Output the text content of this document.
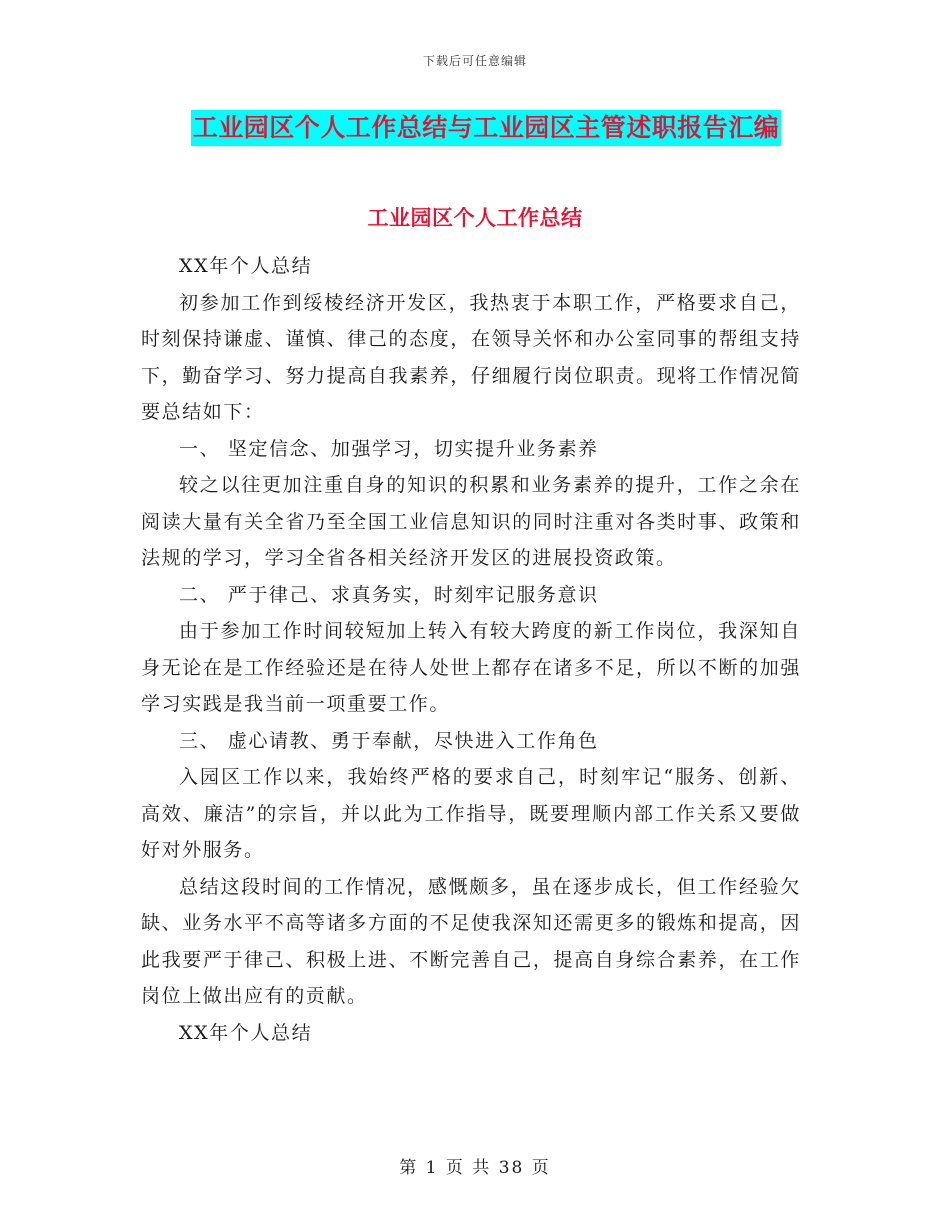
下载后可任意编辑
工业园区个人工作总结与工业园区主管述职报告汇编
工业园区个人工作总结

XX年个人总结

初参加工作到绥棱经济开发区，我热衷于本职工作，严格要求自己，时刻保持谦虚、谨慎、律己的态度，在领导关怀和办公室同事的帮组支持下，勤奋学习、努力提高自我素养，仔细履行岗位职责。现将工作情况简要总结如下：

一、 坚定信念、加强学习，切实提升业务素养

较之以往更加注重自身的知识的积累和业务素养的提升，工作之余在阅读大量有关全省乃至全国工业信息知识的同时注重对各类时事、政策和法规的学习，学习全省各相关经济开发区的进展投资政策。

二、 严于律己、求真务实，时刻牢记服务意识

由于参加工作时间较短加上转入有较大跨度的新工作岗位，我深知自身无论在是工作经验还是在待人处世上都存在诸多不足，所以不断的加强学习实践是我当前一项重要工作。

三、 虚心请教、勇于奉献，尽快进入工作角色

入园区工作以来，我始终严格的要求自己，时刻牢记“服务、创新、高效、廉洁”的宗旨，并以此为工作指导，既要理顺内部工作关系又要做好对外服务。

总结这段时间的工作情况，感慨颇多，虽在逐步成长，但工作经验欠缺、业务水平不高等诸多方面的不足使我深知还需更多的锻炼和提高，因此我要严于律己、积极上进、不断完善自己，提高自身综合素养，在工作岗位上做出应有的贡献。

XX年个人总结

第 1 页 共 38 页
